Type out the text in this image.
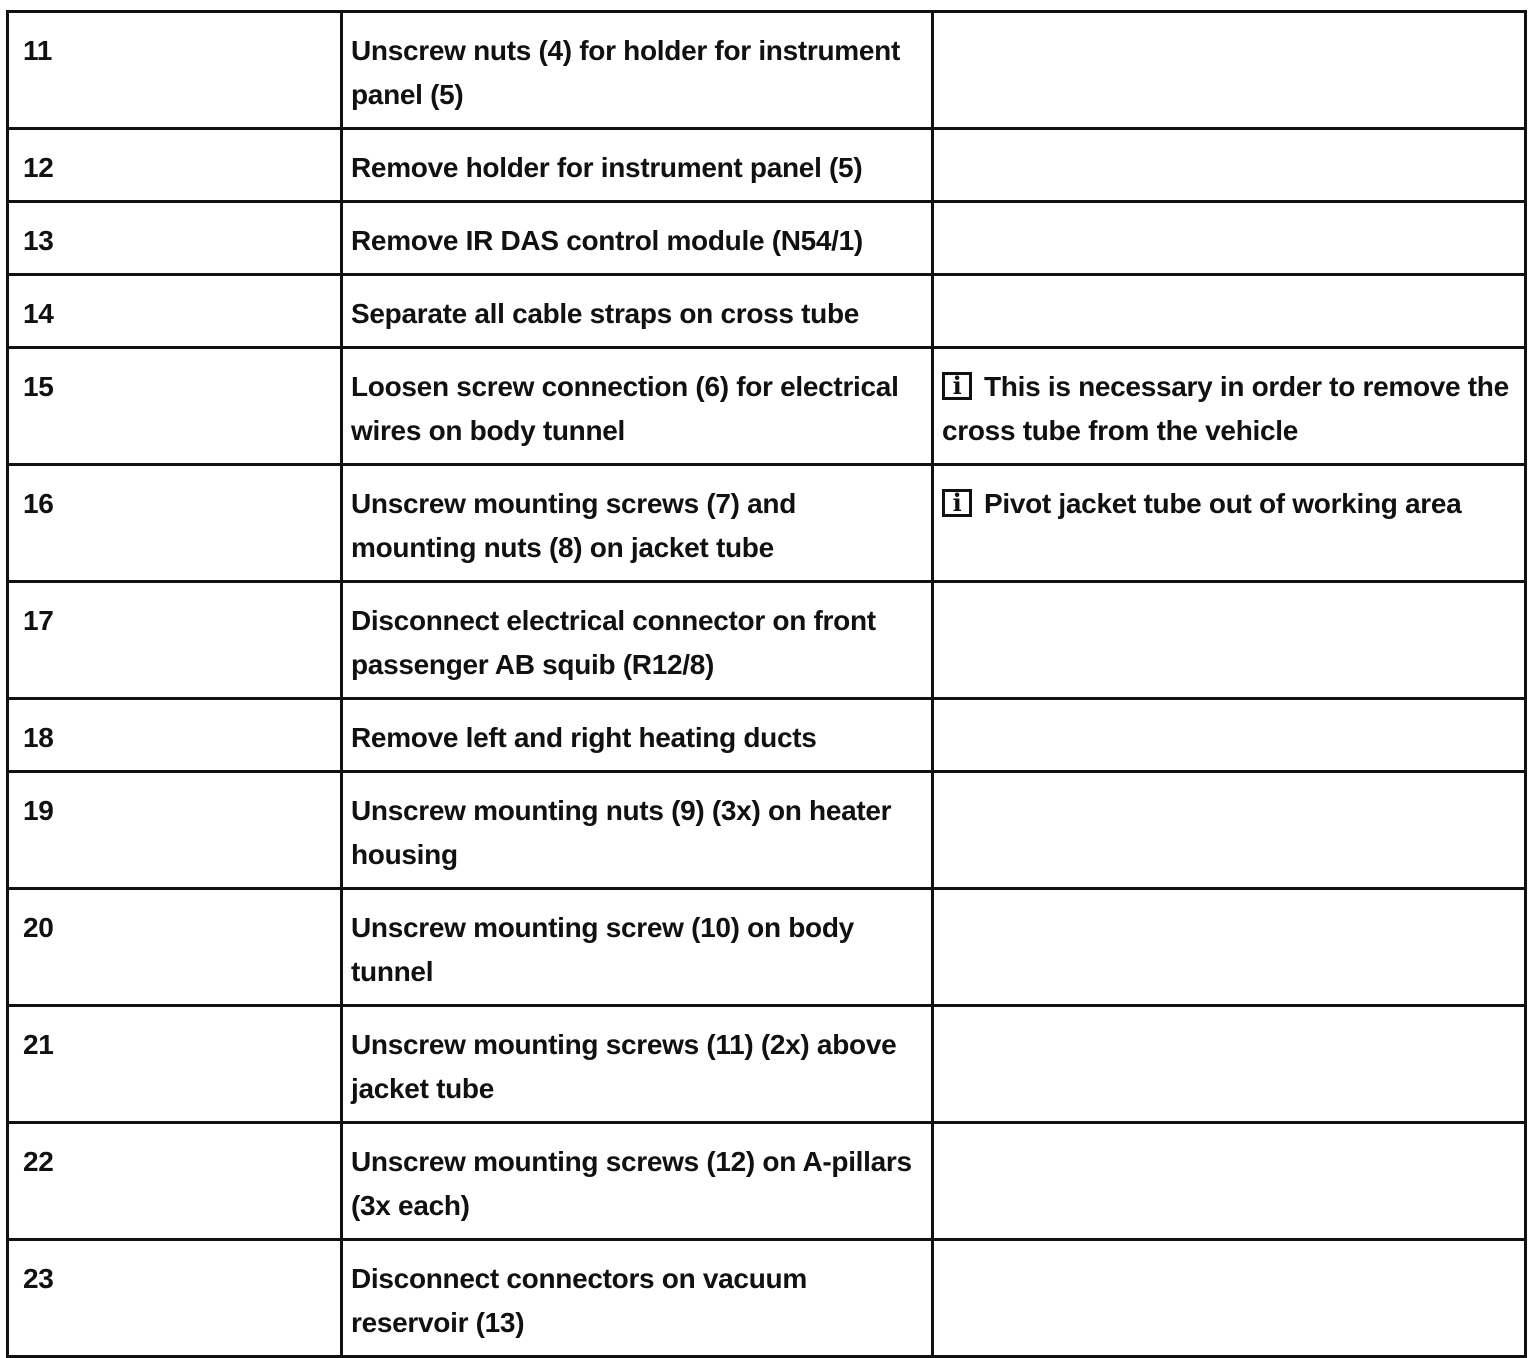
11	Unscrew nuts (4) for holder for instrument panel (5)	
12	Remove holder for instrument panel (5)	
13	Remove IR DAS control module (N54/1)	
14	Separate all cable straps on cross tube	
15	Loosen screw connection (6) for electrical wires on body tunnel	i This is necessary in order to remove the cross tube from the vehicle
16	Unscrew mounting screws (7) and mounting nuts (8) on jacket tube	i Pivot jacket tube out of working area
17	Disconnect electrical connector on front passenger AB squib (R12/8)	
18	Remove left and right heating ducts	
19	Unscrew mounting nuts (9) (3x) on heater housing	
20	Unscrew mounting screw (10) on body tunnel	
21	Unscrew mounting screws (11) (2x) above jacket tube	
22	Unscrew mounting screws (12) on A-pillars (3x each)	
23	Disconnect connectors on vacuum reservoir (13)	
